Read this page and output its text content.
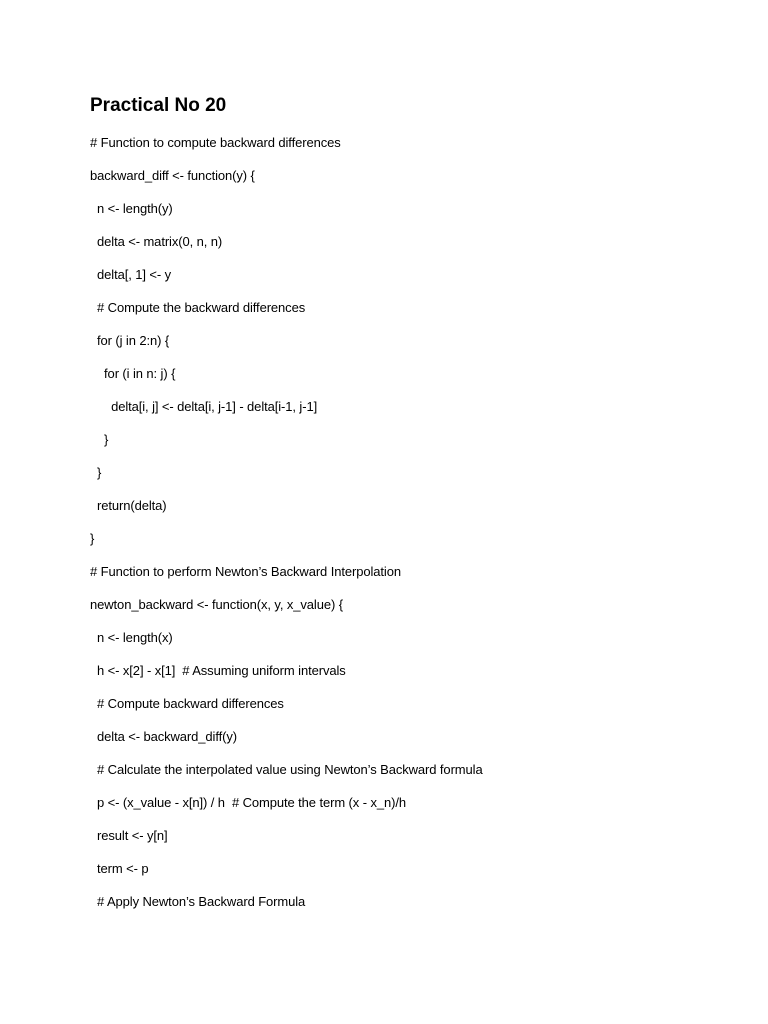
Practical No 20
# Function to compute backward differences
backward_diff <- function(y) {
n <- length(y)
delta <- matrix(0, n, n)
delta[, 1] <- y
# Compute the backward differences
for (j in 2:n) {
for (i in n: j) {
delta[i, j] <- delta[i, j-1] - delta[i-1, j-1]
}
}
return(delta)
}
# Function to perform Newton’s Backward Interpolation
newton_backward <- function(x, y, x_value) {
n <- length(x)
h <- x[2] - x[1]  # Assuming uniform intervals
# Compute backward differences
delta <- backward_diff(y)
# Calculate the interpolated value using Newton’s Backward formula
p <- (x_value - x[n]) / h  # Compute the term (x - x_n)/h
result <- y[n]
term <- p
# Apply Newton’s Backward Formula
